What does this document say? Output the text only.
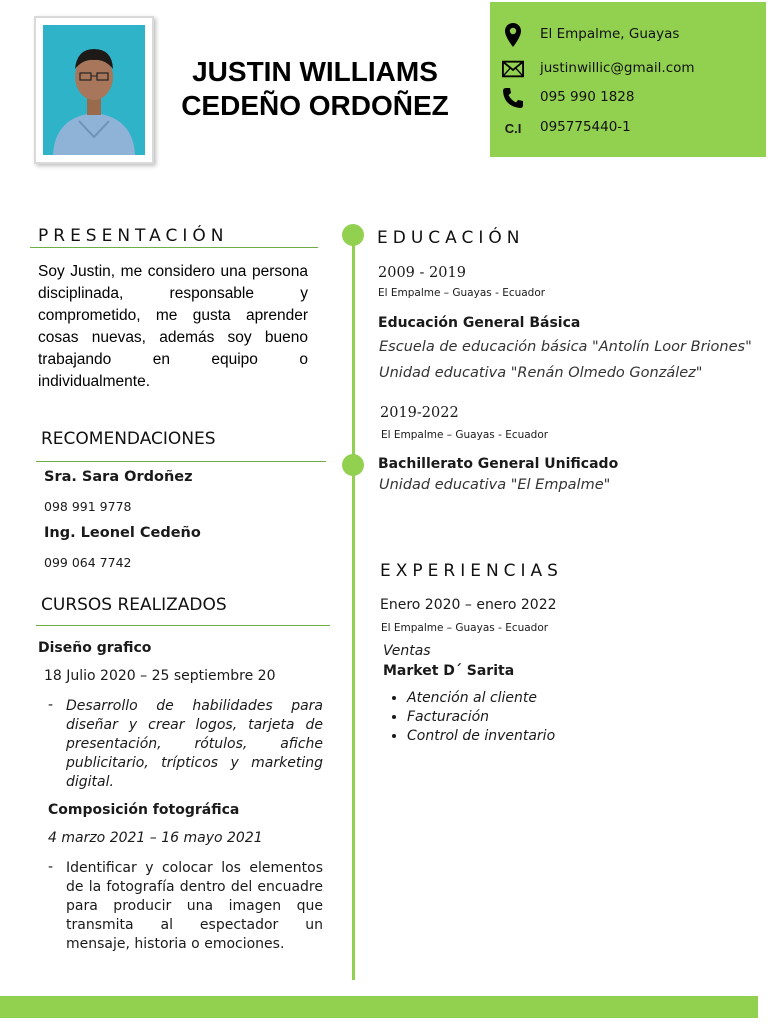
JUSTIN WILLIAMS
CEDEÑO ORDOÑEZ
El Empalme, Guayas
justinwillic@gmail.com
095 990 1828
C.I 095775440-1
PRESENTACIÓN
Soy Justin, me considero una persona disciplinada, responsable y comprometido, me gusta aprender cosas nuevas, además soy bueno trabajando en equipo o individualmente.
RECOMENDACIONES
Sra. Sara Ordoñez
098 991 9778
Ing. Leonel Cedeño
099 064 7742
CURSOS REALIZADOS
Diseño grafico
18 Julio 2020 – 25 septiembre 20
- Desarrollo de habilidades para diseñar y crear logos, tarjeta de presentación, rótulos, afiche publicitario, trípticos y marketing digital.
Composición fotográfica
4 marzo 2021 – 16 mayo 2021
- Identificar y colocar los elementos de la fotografía dentro del encuadre para producir una imagen que transmita al espectador un mensaje, historia o emociones.
EDUCACIÓN
2009 - 2019
El Empalme – Guayas - Ecuador
Educación General Básica
Escuela de educación básica "Antolín Loor Briones"
Unidad educativa "Renán Olmedo González"
2019-2022
El Empalme – Guayas - Ecuador
Bachillerato General Unificado
Unidad educativa "El Empalme"
EXPERIENCIAS
Enero 2020 – enero 2022
El Empalme – Guayas - Ecuador
Ventas
Market D´ Sarita
• Atención al cliente
• Facturación
• Control de inventario
